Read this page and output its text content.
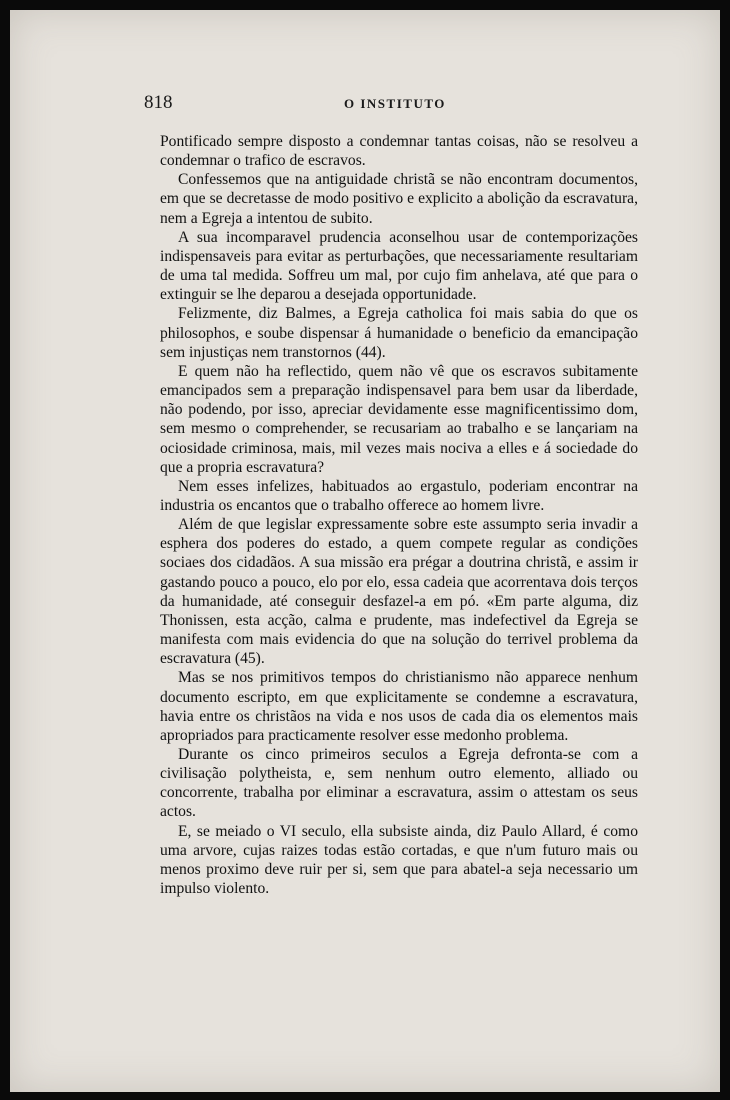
818	O INSTITUTO

Pontificado sempre disposto a condemnar tantas coisas, não se resolveu a condemnar o trafico de escravos.

Confessemos que na antiguidade christã se não encontram documentos, em que se decretasse de modo positivo e explicito a abolição da escravatura, nem a Egreja a intentou de subito.

A sua incomparavel prudencia aconselhou usar de contemporizações indispensaveis para evitar as perturbações, que necessariamente resultariam de uma tal medida. Soffreu um mal, por cujo fim anhelava, até que para o extinguir se lhe deparou a desejada opportunidade.

Felizmente, diz Balmes, a Egreja catholica foi mais sabia do que os philosophos, e soube dispensar á humanidade o beneficio da emancipação sem injustiças nem transtornos (44).

E quem não ha reflectido, quem não vê que os escravos subitamente emancipados sem a preparação indispensavel para bem usar da liberdade, não podendo, por isso, apreciar devidamente esse magnificentissimo dom, sem mesmo o comprehender, se recusariam ao trabalho e se lançariam na ociosidade criminosa, mais, mil vezes mais nociva a elles e á sociedade do que a propria escravatura?

Nem esses infelizes, habituados ao ergastulo, poderiam encontrar na industria os encantos que o trabalho offerece ao homem livre.

Além de que legislar expressamente sobre este assumpto seria invadir a esphera dos poderes do estado, a quem compete regular as condições sociaes dos cidadãos. A sua missão era prégar a doutrina christã, e assim ir gastando pouco a pouco, elo por elo, essa cadeia que acorrentava dois terços da humanidade, até conseguir desfazel-a em pó. «Em parte alguma, diz Thonissen, esta acção, calma e prudente, mas indefectivel da Egreja se manifesta com mais evidencia do que na solução do terrivel problema da escravatura (45).

Mas se nos primitivos tempos do christianismo não apparece nenhum documento escripto, em que explicitamente se condemne a escravatura, havia entre os christãos na vida e nos usos de cada dia os elementos mais apropriados para practicamente resolver esse medonho problema.

Durante os cinco primeiros seculos a Egreja defronta-se com a civilisação polytheista, e, sem nenhum outro elemento, alliado ou concorrente, trabalha por eliminar a escravatura, assim o attestam os seus actos.

E, se meiado o VI seculo, ella subsiste ainda, diz Paulo Allard, é como uma arvore, cujas raizes todas estão cortadas, e que n'um futuro mais ou menos proximo deve ruir per si, sem que para abatel-a seja necessario um impulso violento.
